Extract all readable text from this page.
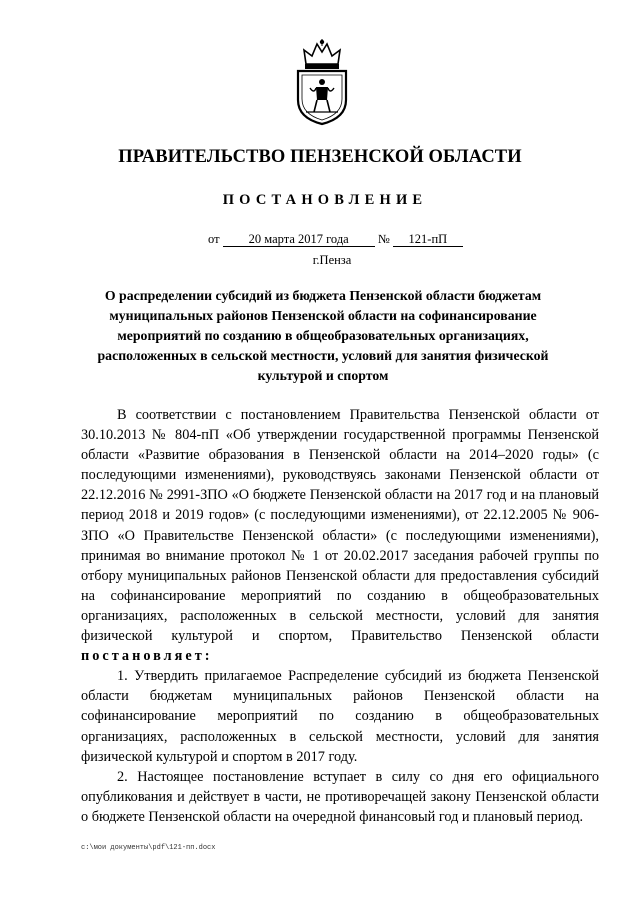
ПРАВИТЕЛЬСТВО ПЕНЗЕНСКОЙ ОБЛАСТИ
ПОСТАНОВЛЕНИЕ
от 20 марта 2017 года № 121-пП
г.Пенза
О распределении субсидий из бюджета Пензенской области бюджетам муниципальных районов Пензенской области на софинансирование мероприятий по созданию в общеобразовательных организациях, расположенных в сельской местности, условий для занятия физической культурой и спортом

В соответствии с постановлением Правительства Пензенской области от 30.10.2013 № 804-пП «Об утверждении государственной программы Пензенской области «Развитие образования в Пензенской области на 2014–2020 годы» (с последующими изменениями), руководствуясь законами Пензенской области от 22.12.2016 № 2991-ЗПО «О бюджете Пензенской области на 2017 год и на плановый период 2018 и 2019 годов» (с последующими изменениями), от 22.12.2005 № 906-ЗПО «О Правительстве Пензенской области» (с последующими изменениями), принимая во внимание протокол № 1 от 20.02.2017 заседания рабочей группы по отбору муниципальных районов Пензенской области для предоставления субсидий на софинансирование мероприятий по созданию в общеобразовательных организациях, расположенных в сельской местности, условий для занятия физической культурой и спортом, Правительство Пензенской области постановляет:

1. Утвердить прилагаемое Распределение субсидий из бюджета Пензенской области бюджетам муниципальных районов Пензенской области на софинансирование мероприятий по созданию в общеобразовательных организациях, расположенных в сельской местности, условий для занятия физической культурой и спортом в 2017 году.

2. Настоящее постановление вступает в силу со дня его официального опубликования и действует в части, не противоречащей закону Пензенской области о бюджете Пензенской области на очередной финансовый год и плановый период.

c:\мои документы\pdf\121-пп.docx
